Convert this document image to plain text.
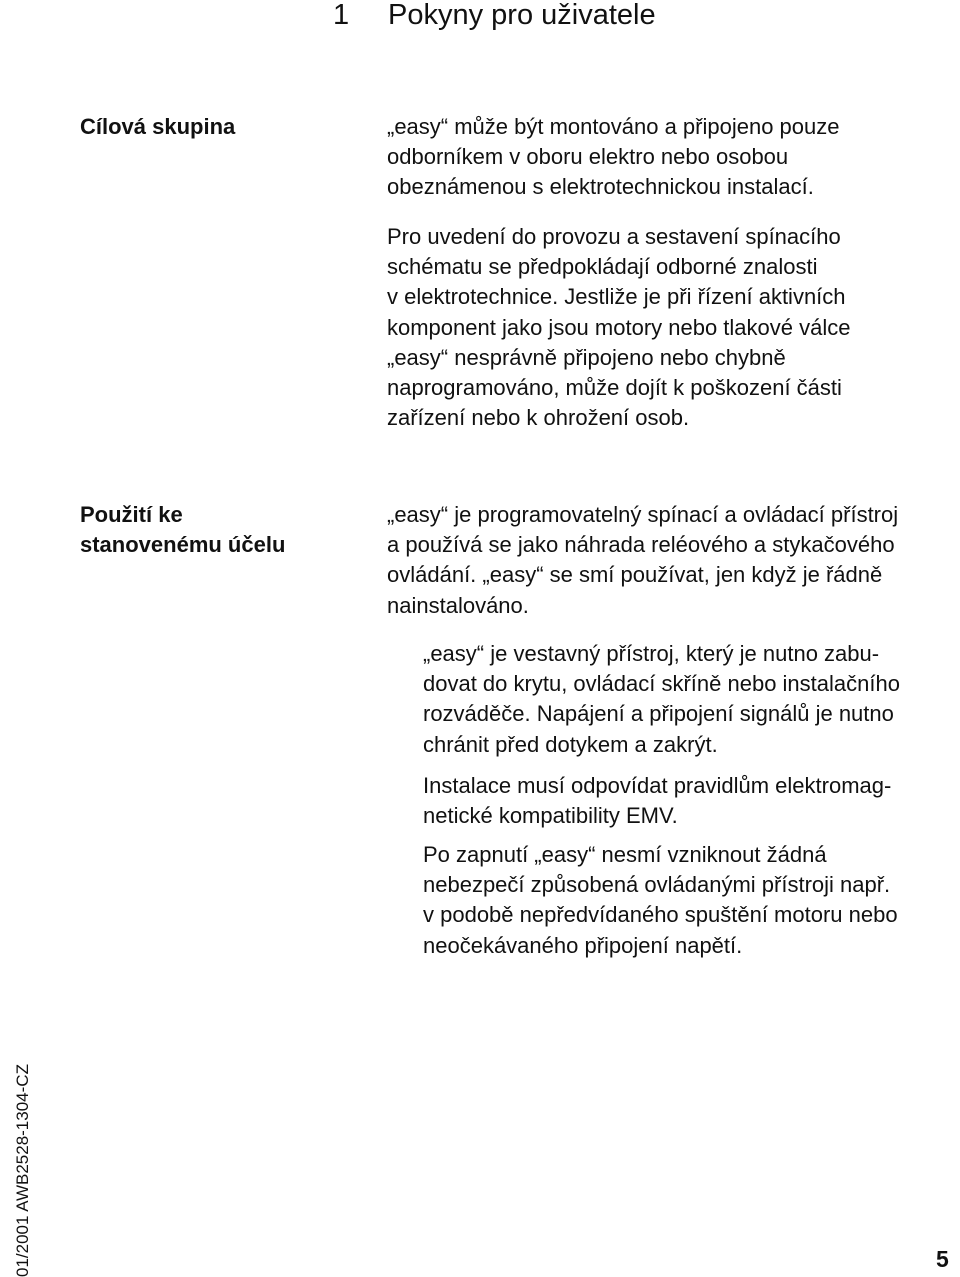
1 Pokyny pro uživatele
Cílová skupina	„easy“ může být montováno a připojeno pouze
odborníkem v oboru elektro nebo osobou
obeznámenou s elektrotechnickou instalací.
Pro uvedení do provozu a sestavení spínacího
schématu se předpokládají odborné znalosti
v elektrotechnice. Jestliže je při řízení aktivních
komponent jako jsou motory nebo tlakové válce
„easy“ nesprávně připojeno nebo chybně
naprogramováno, může dojít k poškození části
zařízení nebo k ohrožení osob.
Použití ke
stanovenému účelu
„easy“ je programovatelný spínací a ovládací přístroj
a používá se jako náhrada reléového a stykačového
ovládání. „easy“ se smí používat, jen když je řádně
nainstalováno.
„easy“ je vestavný přístroj, který je nutno zabu-
dovat do krytu, ovládací skříně nebo instalačního
rozváděče. Napájení a připojení signálů je nutno
chránit před dotykem a zakrýt.
Instalace musí odpovídat pravidlům elektromag-
netické kompatibility EMV.
Po zapnutí „easy“ nesmí vzniknout žádná
nebezpečí způsobená ovládanými přístroji např.
v podobě nepředvídaného spuštění motoru nebo
neočekávaného připojení napětí.
01/2001 AWB2528-1304-CZ	5
